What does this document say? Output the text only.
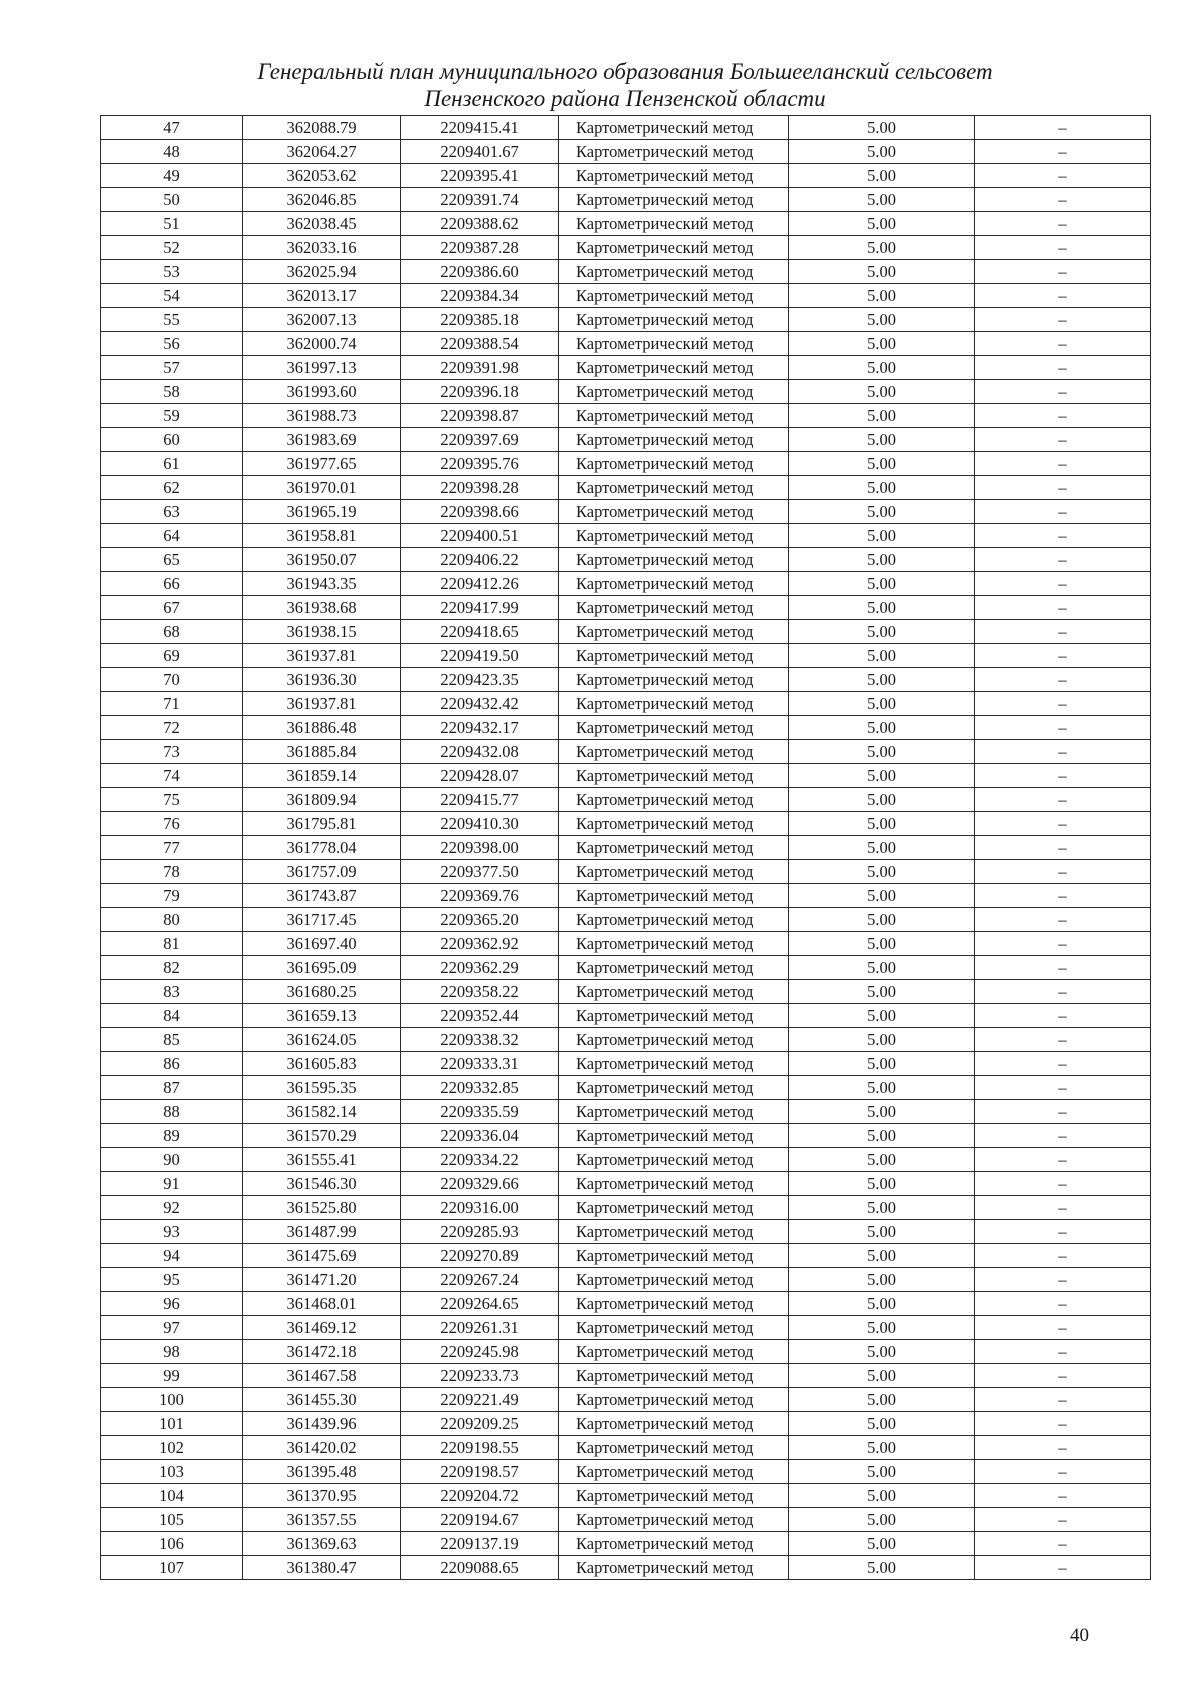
Генеральный план муниципального образования Большееланский сельсовет
Пензенского района Пензенской области
47	362088.79	2209415.41	Картометрический метод	5.00	–
48	362064.27	2209401.67	Картометрический метод	5.00	–
49	362053.62	2209395.41	Картометрический метод	5.00	–
50	362046.85	2209391.74	Картометрический метод	5.00	–
51	362038.45	2209388.62	Картометрический метод	5.00	–
52	362033.16	2209387.28	Картометрический метод	5.00	–
53	362025.94	2209386.60	Картометрический метод	5.00	–
54	362013.17	2209384.34	Картометрический метод	5.00	–
55	362007.13	2209385.18	Картометрический метод	5.00	–
56	362000.74	2209388.54	Картометрический метод	5.00	–
57	361997.13	2209391.98	Картометрический метод	5.00	–
58	361993.60	2209396.18	Картометрический метод	5.00	–
59	361988.73	2209398.87	Картометрический метод	5.00	–
60	361983.69	2209397.69	Картометрический метод	5.00	–
61	361977.65	2209395.76	Картометрический метод	5.00	–
62	361970.01	2209398.28	Картометрический метод	5.00	–
63	361965.19	2209398.66	Картометрический метод	5.00	–
64	361958.81	2209400.51	Картометрический метод	5.00	–
65	361950.07	2209406.22	Картометрический метод	5.00	–
66	361943.35	2209412.26	Картометрический метод	5.00	–
67	361938.68	2209417.99	Картометрический метод	5.00	–
68	361938.15	2209418.65	Картометрический метод	5.00	–
69	361937.81	2209419.50	Картометрический метод	5.00	–
70	361936.30	2209423.35	Картометрический метод	5.00	–
71	361937.81	2209432.42	Картометрический метод	5.00	–
72	361886.48	2209432.17	Картометрический метод	5.00	–
73	361885.84	2209432.08	Картометрический метод	5.00	–
74	361859.14	2209428.07	Картометрический метод	5.00	–
75	361809.94	2209415.77	Картометрический метод	5.00	–
76	361795.81	2209410.30	Картометрический метод	5.00	–
77	361778.04	2209398.00	Картометрический метод	5.00	–
78	361757.09	2209377.50	Картометрический метод	5.00	–
79	361743.87	2209369.76	Картометрический метод	5.00	–
80	361717.45	2209365.20	Картометрический метод	5.00	–
81	361697.40	2209362.92	Картометрический метод	5.00	–
82	361695.09	2209362.29	Картометрический метод	5.00	–
83	361680.25	2209358.22	Картометрический метод	5.00	–
84	361659.13	2209352.44	Картометрический метод	5.00	–
85	361624.05	2209338.32	Картометрический метод	5.00	–
86	361605.83	2209333.31	Картометрический метод	5.00	–
87	361595.35	2209332.85	Картометрический метод	5.00	–
88	361582.14	2209335.59	Картометрический метод	5.00	–
89	361570.29	2209336.04	Картометрический метод	5.00	–
90	361555.41	2209334.22	Картометрический метод	5.00	–
91	361546.30	2209329.66	Картометрический метод	5.00	–
92	361525.80	2209316.00	Картометрический метод	5.00	–
93	361487.99	2209285.93	Картометрический метод	5.00	–
94	361475.69	2209270.89	Картометрический метод	5.00	–
95	361471.20	2209267.24	Картометрический метод	5.00	–
96	361468.01	2209264.65	Картометрический метод	5.00	–
97	361469.12	2209261.31	Картометрический метод	5.00	–
98	361472.18	2209245.98	Картометрический метод	5.00	–
99	361467.58	2209233.73	Картометрический метод	5.00	–
100	361455.30	2209221.49	Картометрический метод	5.00	–
101	361439.96	2209209.25	Картометрический метод	5.00	–
102	361420.02	2209198.55	Картометрический метод	5.00	–
103	361395.48	2209198.57	Картометрический метод	5.00	–
104	361370.95	2209204.72	Картометрический метод	5.00	–
105	361357.55	2209194.67	Картометрический метод	5.00	–
106	361369.63	2209137.19	Картометрический метод	5.00	–
107	361380.47	2209088.65	Картометрический метод	5.00	–
40
